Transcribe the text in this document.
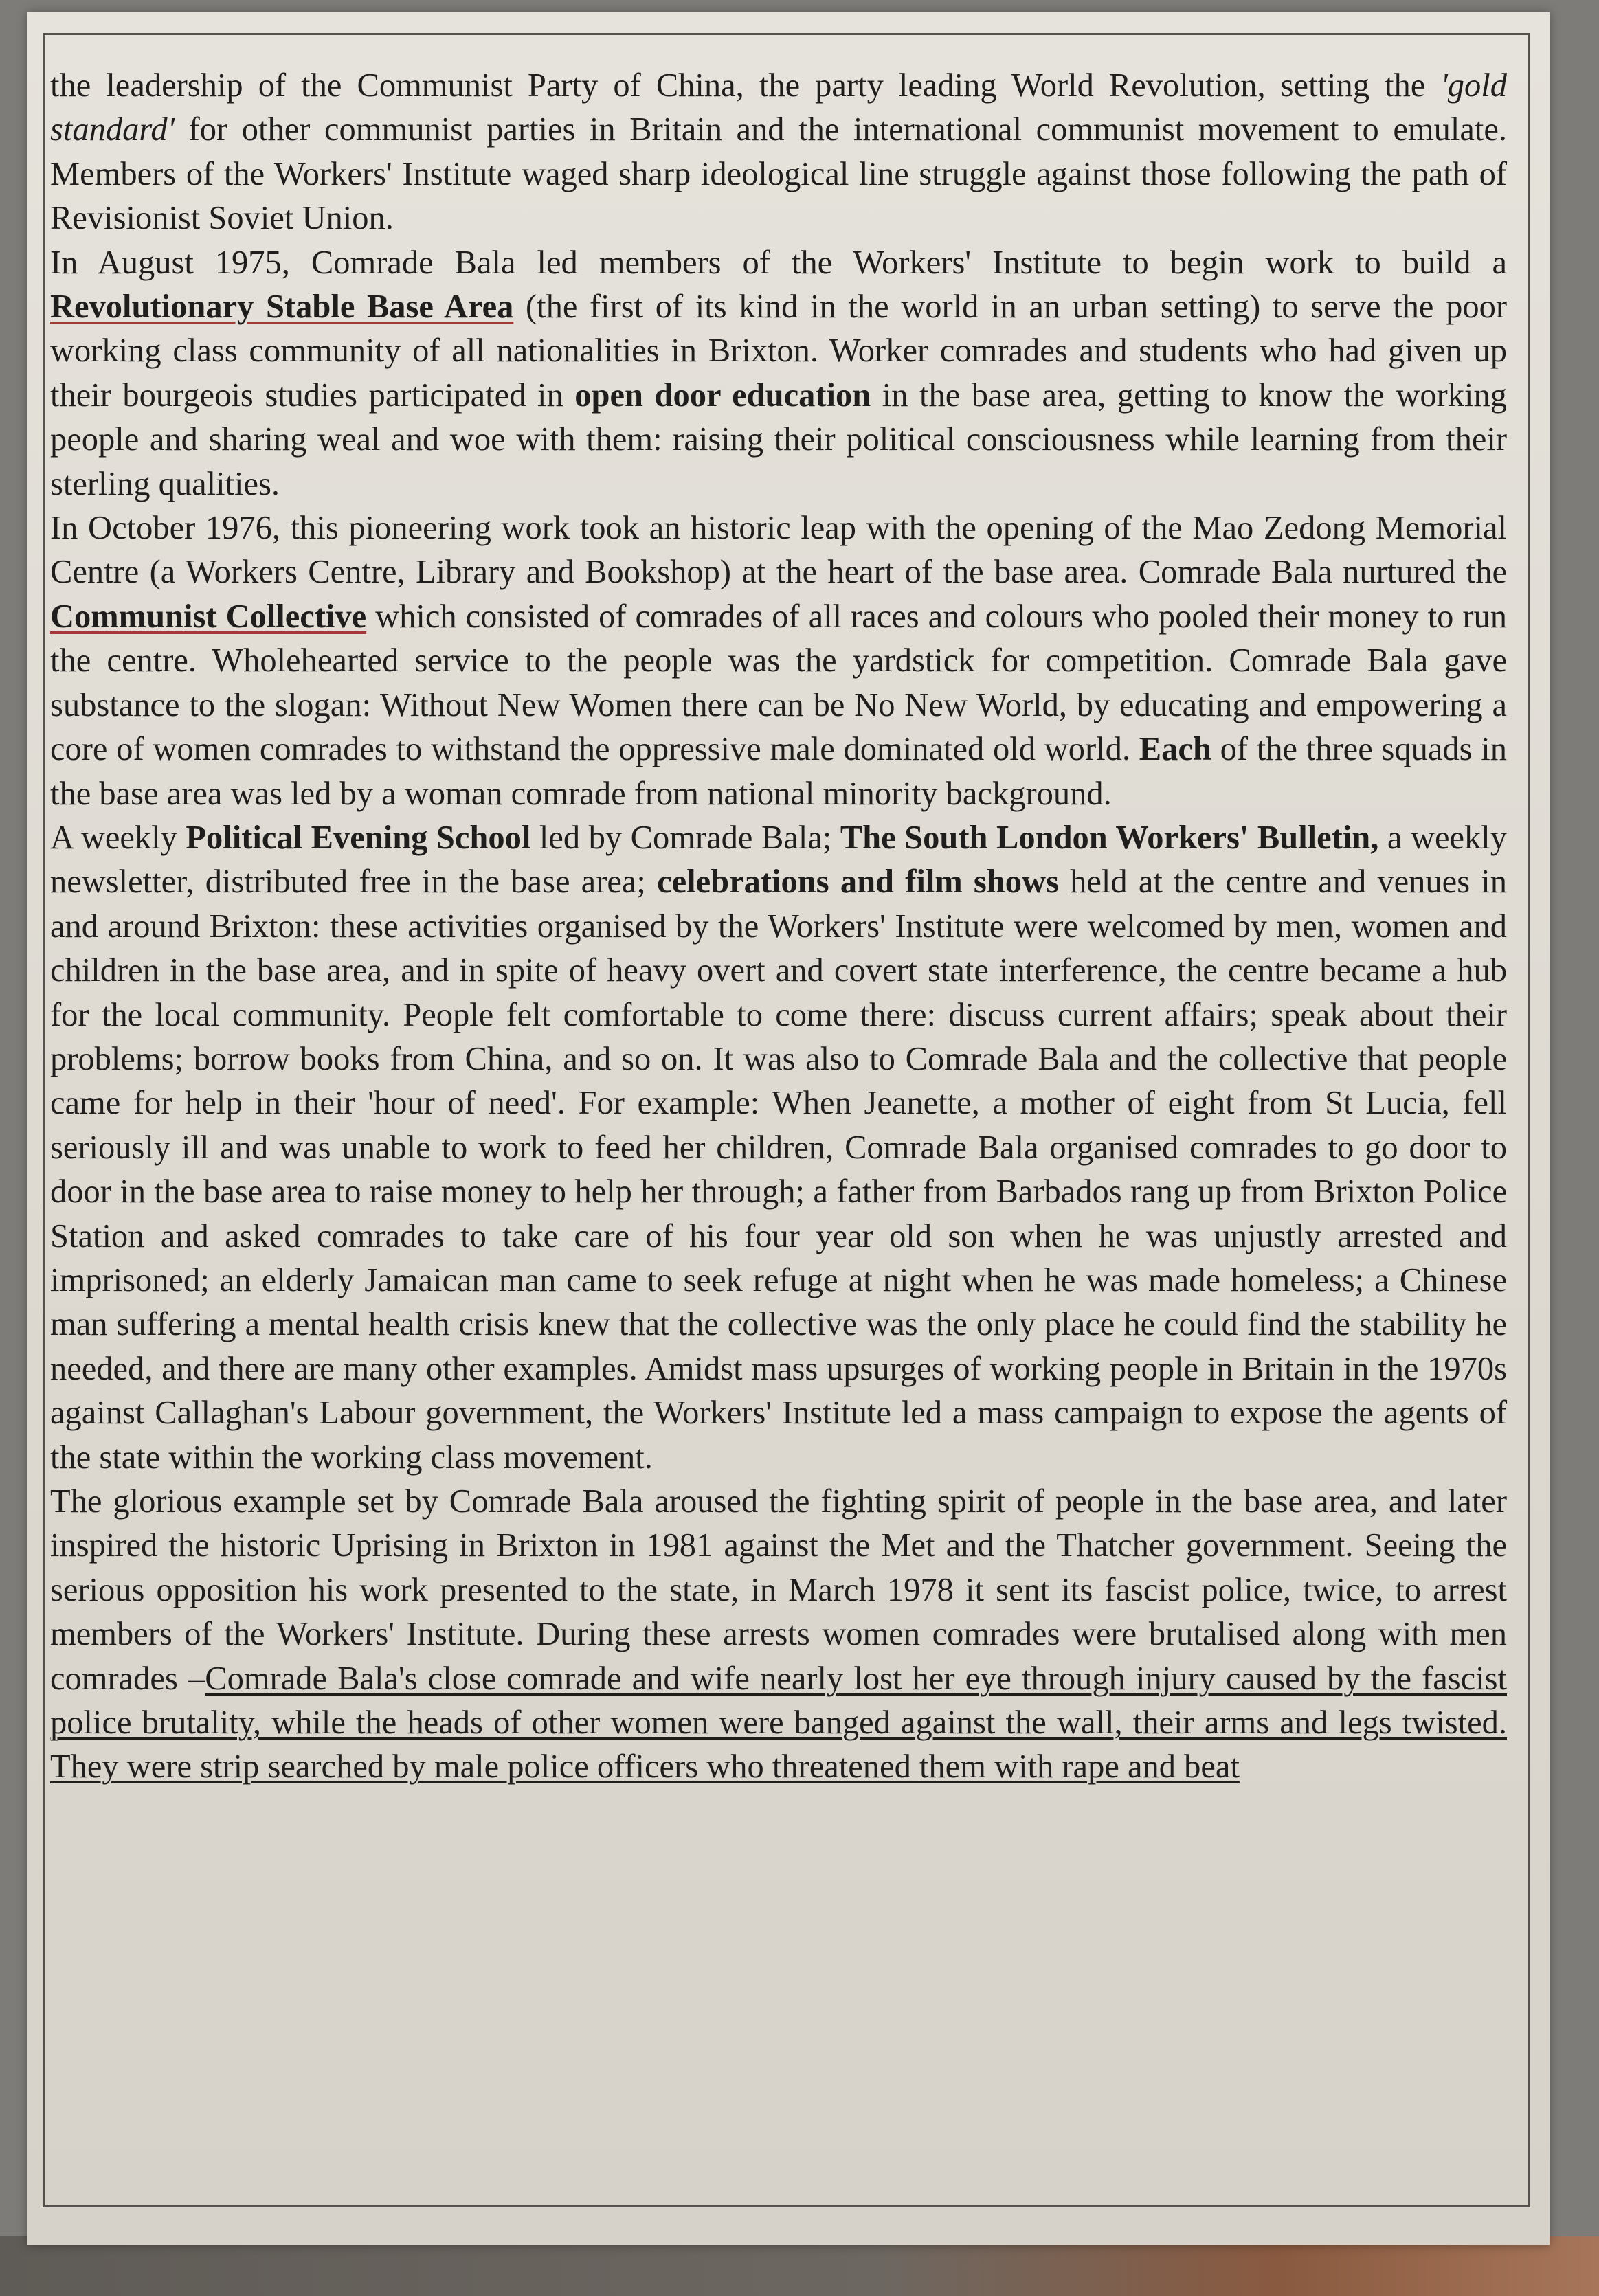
the leadership of the Communist Party of China, the party leading World Revolution, setting the 'gold standard' for other communist parties in Britain and the international communist movement to emulate. Members of the Workers' Institute waged sharp ideological line struggle against those following the path of Revisionist Soviet Union.

In August 1975, Comrade Bala led members of the Workers' Institute to begin work to build a Revolutionary Stable Base Area (the first of its kind in the world in an urban setting) to serve the poor working class community of all nationalities in Brixton. Worker comrades and students who had given up their bourgeois studies participated in open door education in the base area, getting to know the working people and sharing weal and woe with them: raising their political consciousness while learning from their sterling qualities.

In October 1976, this pioneering work took an historic leap with the opening of the Mao Zedong Memorial Centre (a Workers Centre, Library and Bookshop) at the heart of the base area. Comrade Bala nurtured the Communist Collective which consisted of comrades of all races and colours who pooled their money to run the centre. Wholehearted service to the people was the yardstick for competition. Comrade Bala gave substance to the slogan: Without New Women there can be No New World, by educating and empowering a core of women comrades to withstand the oppressive male dominated old world. Each of the three squads in the base area was led by a woman comrade from national minority background.

A weekly Political Evening School led by Comrade Bala; The South London Workers' Bulletin, a weekly newsletter, distributed free in the base area; celebrations and film shows held at the centre and venues in and around Brixton: these activities organised by the Workers' Institute were welcomed by men, women and children in the base area, and in spite of heavy overt and covert state interference, the centre became a hub for the local community. People felt comfortable to come there: discuss current affairs; speak about their problems; borrow books from China, and so on. It was also to Comrade Bala and the collective that people came for help in their 'hour of need'. For example: When Jeanette, a mother of eight from St Lucia, fell seriously ill and was unable to work to feed her children, Comrade Bala organised comrades to go door to door in the base area to raise money to help her through; a father from Barbados rang up from Brixton Police Station and asked comrades to take care of his four year old son when he was unjustly arrested and imprisoned; an elderly Jamaican man came to seek refuge at night when he was made homeless; a Chinese man suffering a mental health crisis knew that the collective was the only place he could find the stability he needed, and there are many other examples. Amidst mass upsurges of working people in Britain in the 1970s against Callaghan's Labour government, the Workers' Institute led a mass campaign to expose the agents of the state within the working class movement.

The glorious example set by Comrade Bala aroused the fighting spirit of people in the base area, and later inspired the historic Uprising in Brixton in 1981 against the Met and the Thatcher government. Seeing the serious opposition his work presented to the state, in March 1978 it sent its fascist police, twice, to arrest members of the Workers' Institute. During these arrests women comrades were brutalised along with men comrades –Comrade Bala's close comrade and wife nearly lost her eye through injury caused by the fascist police brutality, while the heads of other women were banged against the wall, their arms and legs twisted. They were strip searched by male police officers who threatened them with rape and beat
